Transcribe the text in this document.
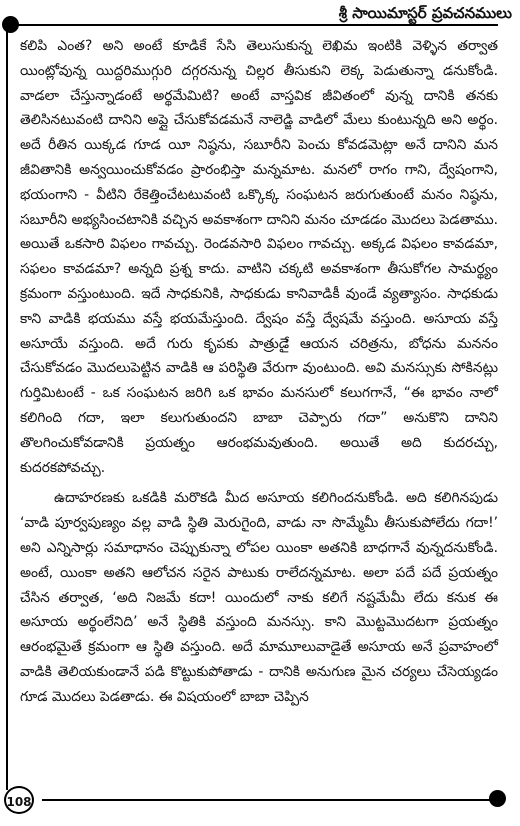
శ్రీ సాయిమాస్టర్ ప్రవచనములు

కలిపి ఎంత? అని అంటే కూడికే సేసి తెలుసుకున్న లెఖిమ ఇంటికి వెళ్ళిన తర్వాత యింట్లోవున్న యిద్దరిముగ్గురి దగ్గరనున్న చిల్లర తీసుకుని లెక్క పెడుతున్నా డనుకోండి. వాడలా చేస్తున్నాడంటే అర్థమేమిటి? అంటే వాస్తవిక జీవితంలో వున్న దానికి తనకు తెలిసినటువంటి దానిని అప్లై చేసుకోవడమనే నాలెడ్జి వాడిలో మేలు కుంటున్నది అని అర్థం. అదే రీతిన యిక్కడ గూడ యీ నిష్ఠను, సబూరీని పెంచు కోవడమెట్లా అనే దానిని మన జీవితానికి అన్వయించుకోవడం ప్రారంభిస్తా మన్నమాట. మనలో రాగం గాని, ద్వేషంగాని, భయంగాని - వీటిని రేకెత్తించేటటువంటి ఒక్కొక్క సంఘటన జరుగుతుంటే మనం నిష్ఠను, సబూరీని అభ్యసించటానికి వచ్చిన అవకాశంగా దానిని మనం చూడడం మొదలు పెడతాము. అయితే ఒకసారి విఫలం గావచ్చు. రెండవసారి విఫలం గావచ్చు. అక్కడ విఫలం కావడమా, సఫలం కావడమా? అన్నది ప్రశ్న కాదు. వాటిని చక్కటి అవకాశంగా తీసుకోగల సామర్థ్యం క్రమంగా వస్తుంటుంది. ఇదే సాధకునికి, సాధకుడు కానివాడికీ వుండే వ్యత్యాసం. సాధకుడు కాని వాడికి భయము వస్తే భయమేస్తుంది. ద్వేషం వస్తే ద్వేషమే వస్తుంది. అసూయ వస్తే అసూయే వస్తుంది. అదే గురు కృపకు పాత్రుడైే ఆయన చరిత్రను, బోధను మననం చేసుకోవడం మొదలుపెట్టిన వాడికి ఆ పరిస్థితి వేరుగా వుంటుంది. అవి మనస్సుకు సోకినట్లు గుర్తిమిటంటే - ఒక సంఘటన జరిగి ఒక భావం మనసులో కలుగగానే, “ఈ భావం నాలో కలిగింది గదా, ఇలా కలుగుతుందని బాబా చెప్పారు గదా” అనుకొని దానిని తొలగించుకోవడానికి ప్రయత్నం ఆరంభమవుతుంది. అయితే అది కుదరచ్చు, కుదరకపోవచ్చు.

ఉదాహరణకు ఒకడికి మరొకడి మీద అసూయ కలిగిందనుకోండి. అది కలిగినపుడు ‘వాడి పూర్వపుణ్యం వల్ల వాడి స్థితి మెరుగైంది, వాడు నా సొమ్మేమీ తీసుకుపోలేదు గదా!’ అని ఎన్నిసార్లు సమాధానం చెప్పుకున్నా లోపల యింకా అతనికి బాధగానే వున్నదనుకోండి. అంటే, యింకా అతని ఆలోచన సరైన పాటుకు రాలేదన్నమాట. అలా పదే పదే ప్రయత్నం చేసిన తర్వాత, ‘అది నిజమే కదా! యిందులో నాకు కలిగే నష్టమేమీ లేదు కనుక ఈ అసూయ అర్థంలేనిది’ అనే స్థితికి వస్తుంది మనస్సు. కాని మొట్టమొదటగా ప్రయత్నం ఆరంభమైతే క్రమంగా ఆ స్థితి వస్తుంది. అదే మామూలువాడైతే అసూయ అనే ప్రవాహంలో వాడికి తెలియకుండానే పడి కొట్టుకుపోతాడు - దానికి అనుగుణ మైన చర్యలు చేసెయ్యడం గూడ మొదలు పెడతాడు. ఈ విషయంలో బాబా చెప్పిన

108
